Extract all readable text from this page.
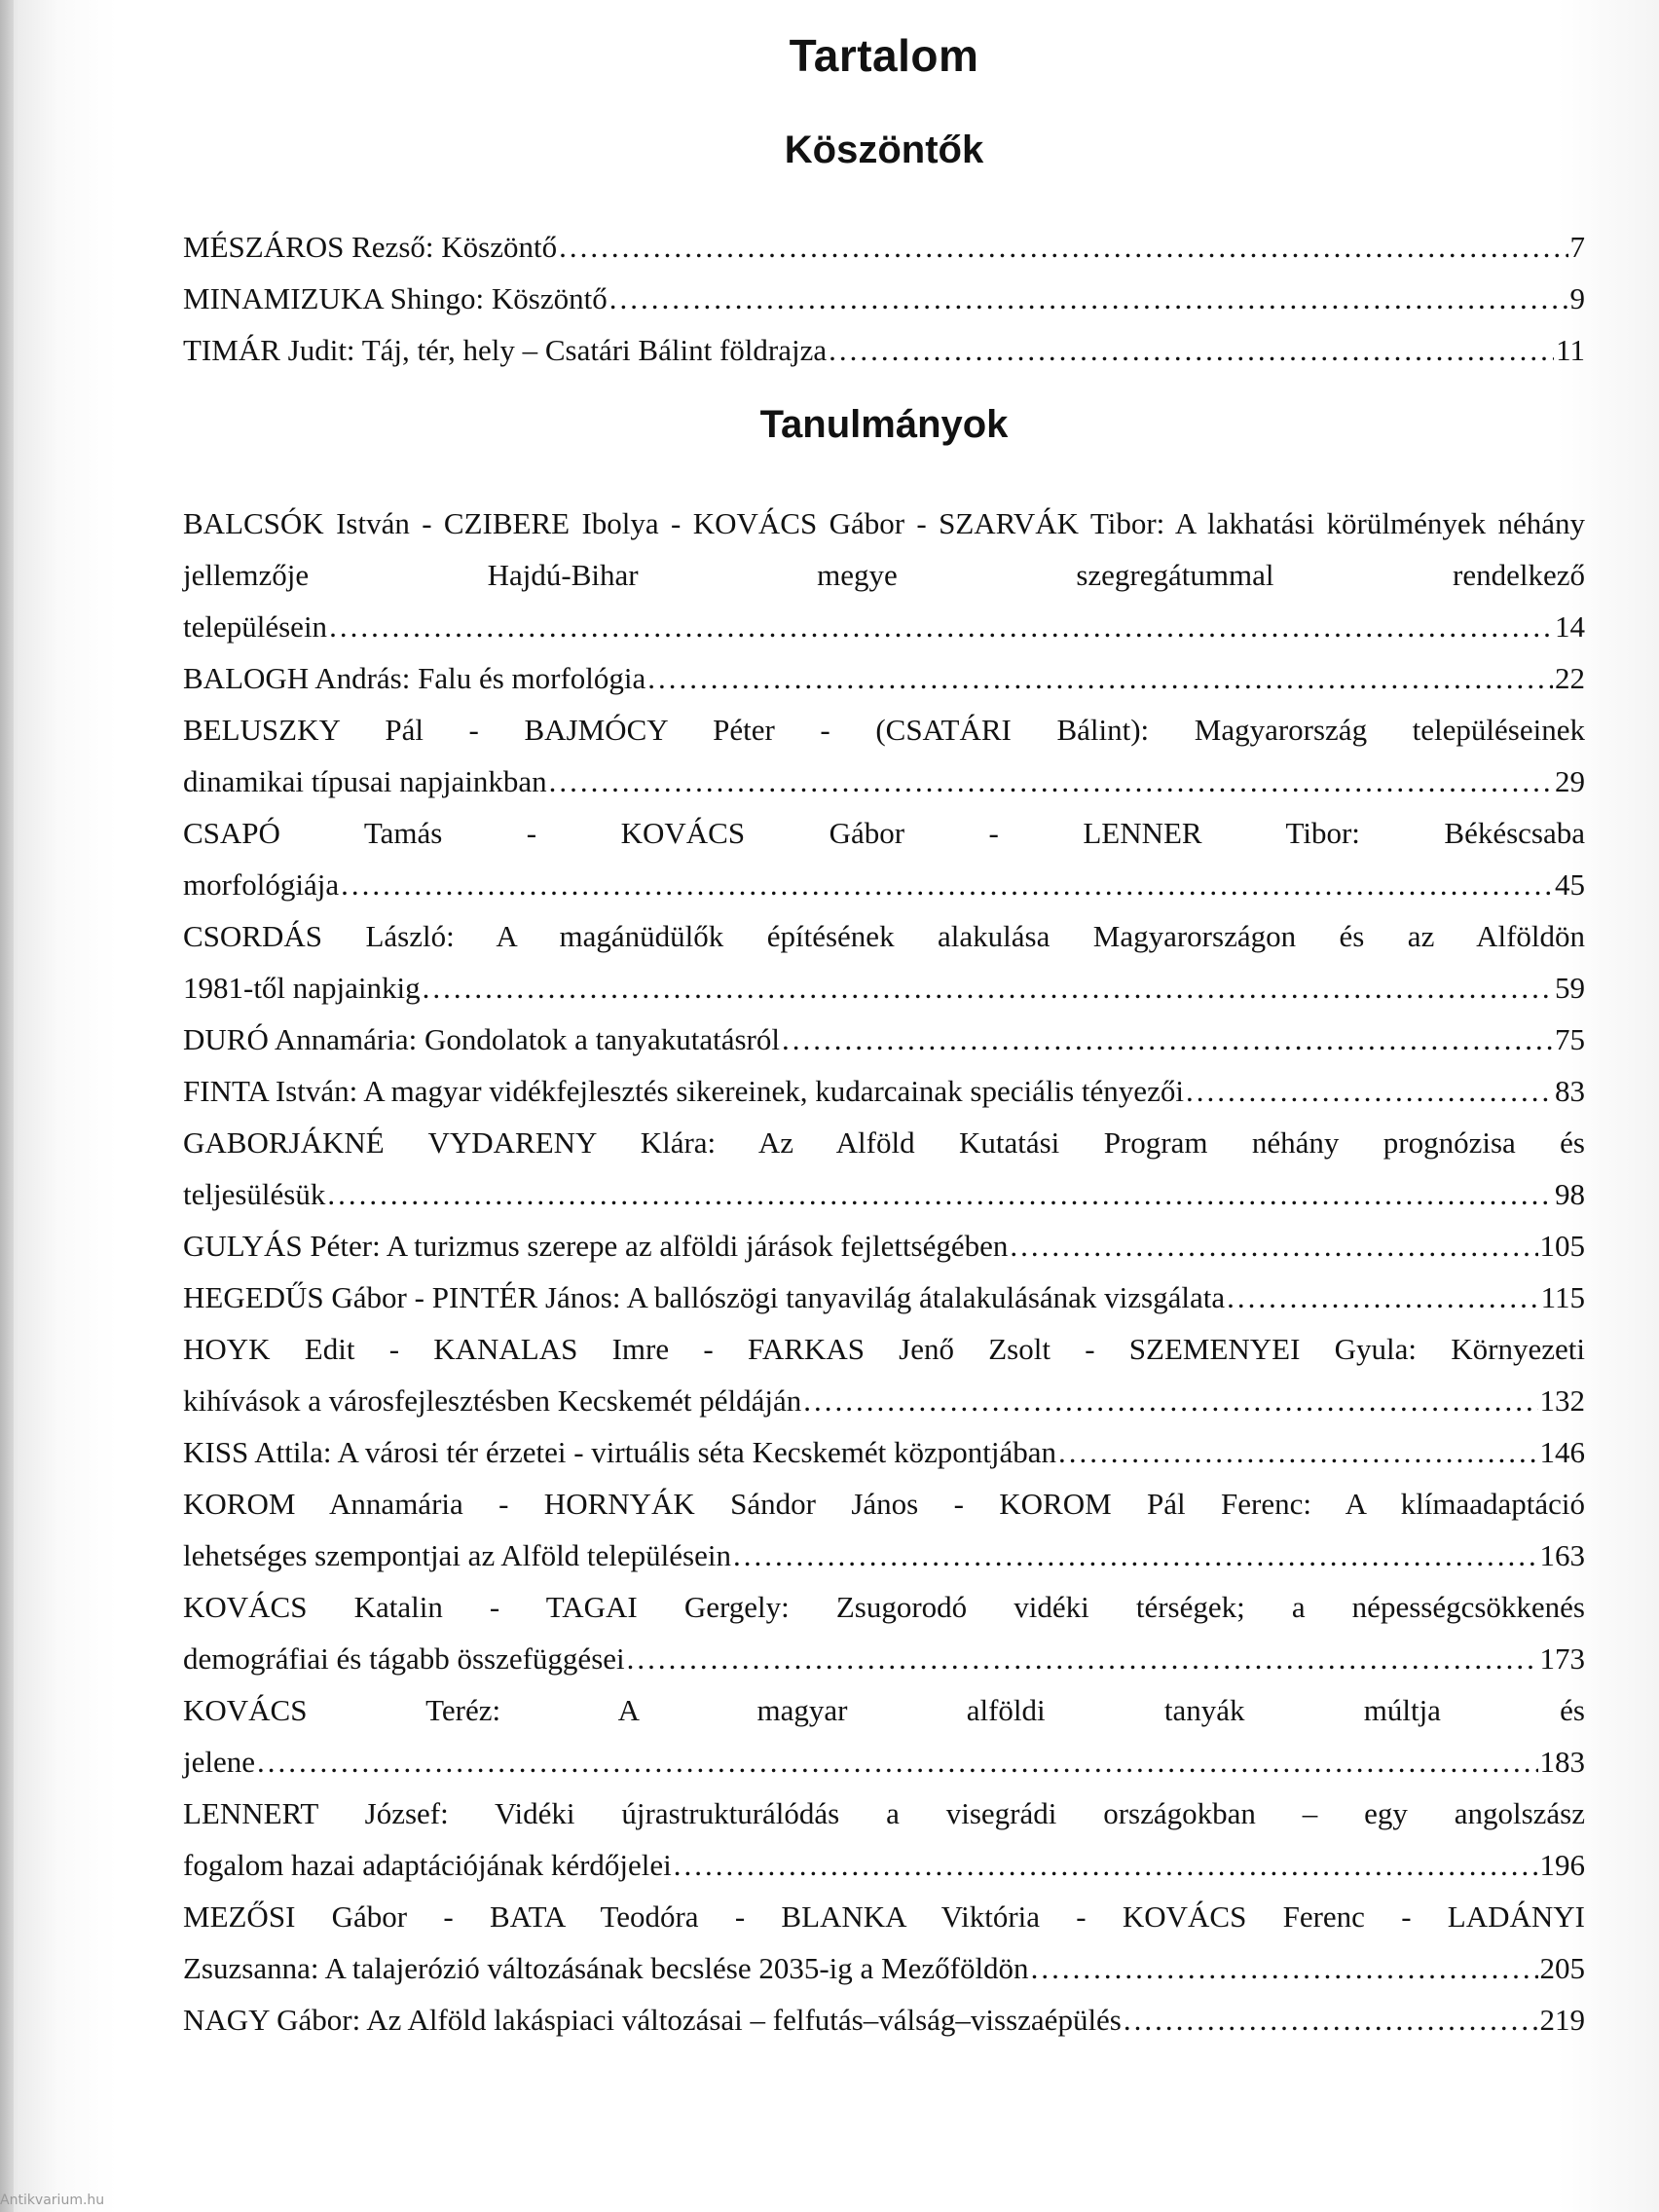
Tartalom
Köszöntők
MÉSZÁROS Rezső: Köszöntő .....	7
MINAMIZUKA Shingo: Köszöntő .....	9
TIMÁR Judit: Táj, tér, hely – Csatári Bálint földrajza .....	11
Tanulmányok
BALCSÓK István - CZIBERE Ibolya - KOVÁCS Gábor - SZARVÁK Tibor: A lakhatási körülmények néhány jellemzője Hajdú-Bihar megye szegregátummal rendelkező
településein .....	14
BALOGH András: Falu és morfológia .....	22
BELUSZKY Pál - BAJMÓCY Péter - (CSATÁRI Bálint): Magyarország településeinek
dinamikai típusai napjainkban .....	29
CSAPÓ Tamás - KOVÁCS Gábor - LENNER Tibor: Békéscsaba
morfológiája .....	45
CSORDÁS László: A magánüdülők építésének alakulása Magyarországon és az Alföldön
1981-től napjainkig .....	59
DURÓ Annamária: Gondolatok a tanyakutatásról .....	75
FINTA István: A magyar vidékfejlesztés sikereinek, kudarcainak speciális tényezői .....	83
GABORJÁKNÉ VYDARENY Klára: Az Alföld Kutatási Program néhány prognózisa és
teljesülésük .....	98
GULYÁS Péter: A turizmus szerepe az alföldi járások fejlettségében .....	105
HEGEDŰS Gábor - PINTÉR János: A ballószögi tanyavilág átalakulásának vizsgálata .....	115
HOYK Edit - KANALAS Imre - FARKAS Jenő Zsolt - SZEMENYEI Gyula: Környezeti
kihívások a városfejlesztésben Kecskemét példáján .....	132
KISS Attila: A városi tér érzetei - virtuális séta Kecskemét központjában .....	146
KOROM Annamária - HORNYÁK Sándor János - KOROM Pál Ferenc: A klímaadaptáció
lehetséges szempontjai az Alföld településein .....	163
KOVÁCS Katalin - TAGAI Gergely: Zsugorodó vidéki térségek; a népességcsökkenés
demográfiai és tágabb összefüggései .....	173
KOVÁCS Teréz: A magyar alföldi tanyák múltja és
jelene .....	183
LENNERT József: Vidéki újrastrukturálódás a visegrádi országokban – egy angolszász
fogalom hazai adaptációjának kérdőjelei .....	196
MEZŐSI Gábor - BATA Teodóra - BLANKA Viktória - KOVÁCS Ferenc - LADÁNYI
Zsuzsanna: A talajerózió változásának becslése 2035-ig a Mezőföldön .....	205
NAGY Gábor: Az Alföld lakáspiaci változásai – felfutás–válság–visszaépülés .....	219
Antikvarium.hu
